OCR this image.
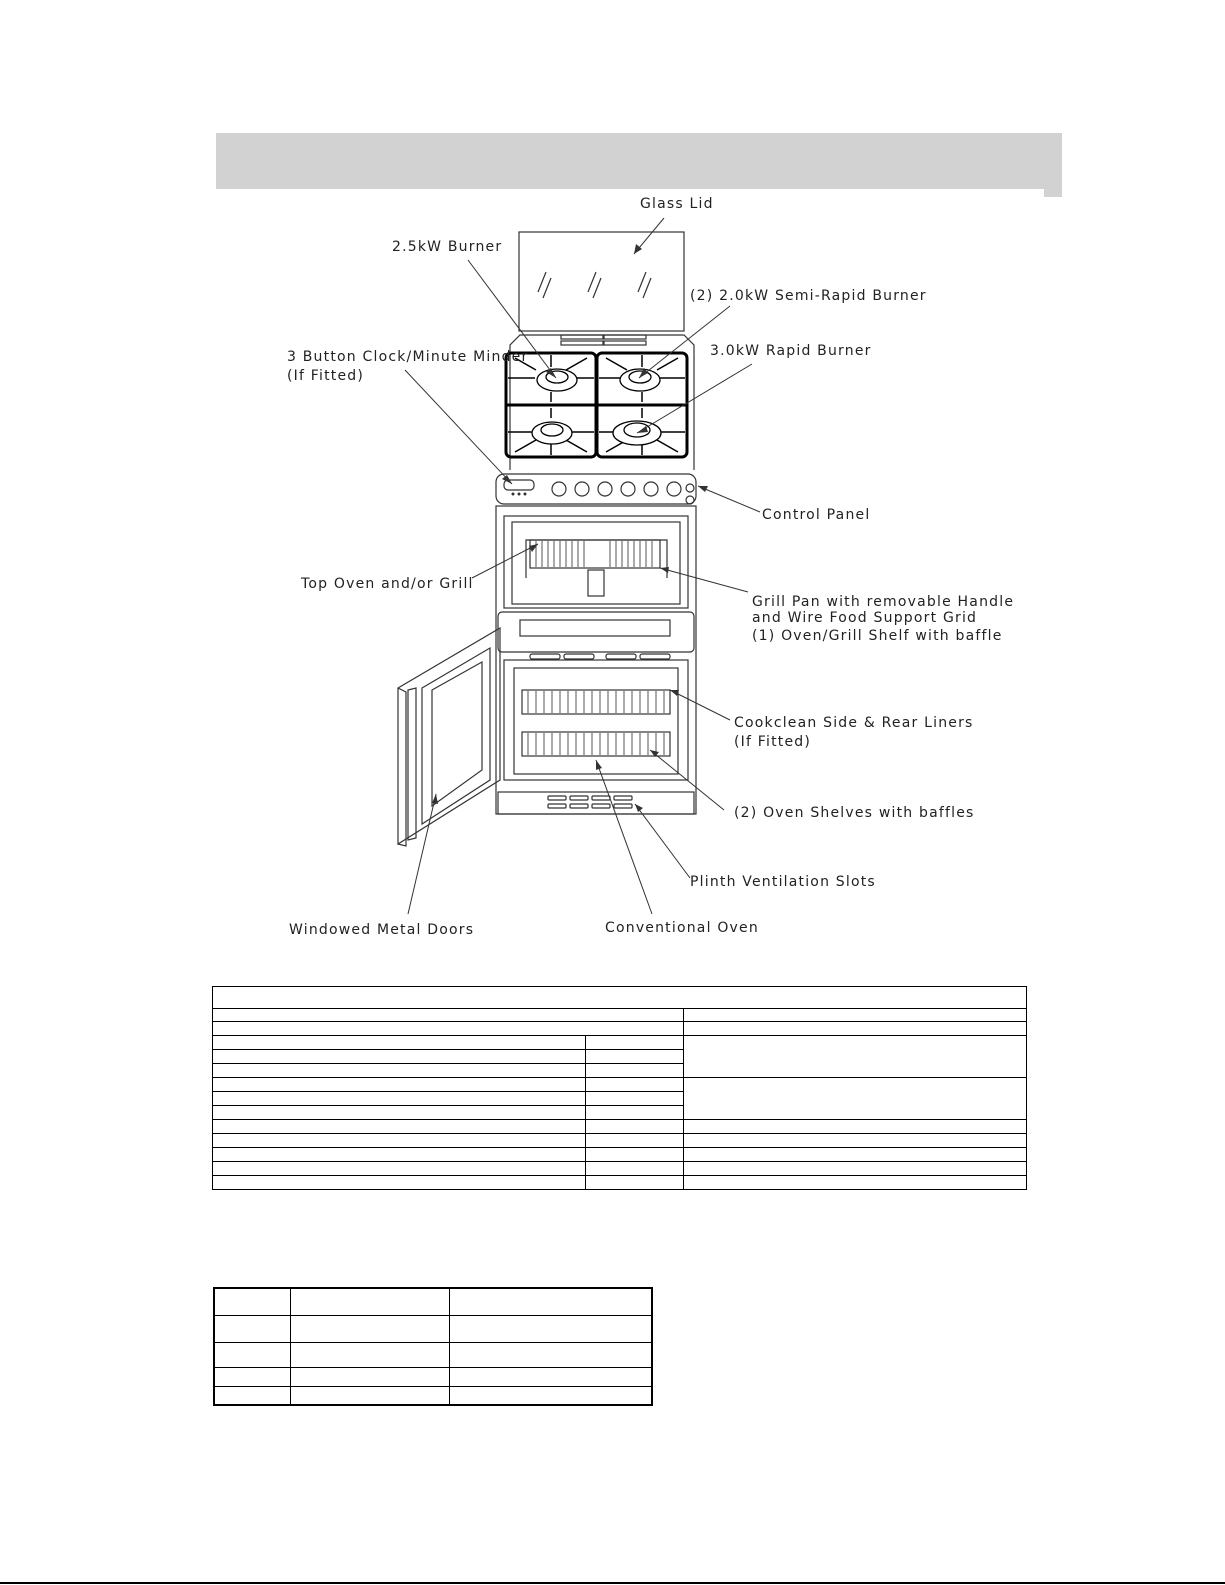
Glass Lid
2.5kW Burner
(2) 2.0kW Semi-Rapid Burner
3.0kW Rapid Burner
3 Button Clock/Minute Minder
(If Fitted)
Control Panel
Top Oven and/or Grill
Grill Pan with removable Handle
and Wire Food Support Grid
(1) Oven/Grill Shelf with baffle
Cookclean Side & Rear Liners
(If Fitted)
(2) Oven Shelves with baffles
Plinth Ventilation Slots
Windowed Metal Doors	Conventional Oven
